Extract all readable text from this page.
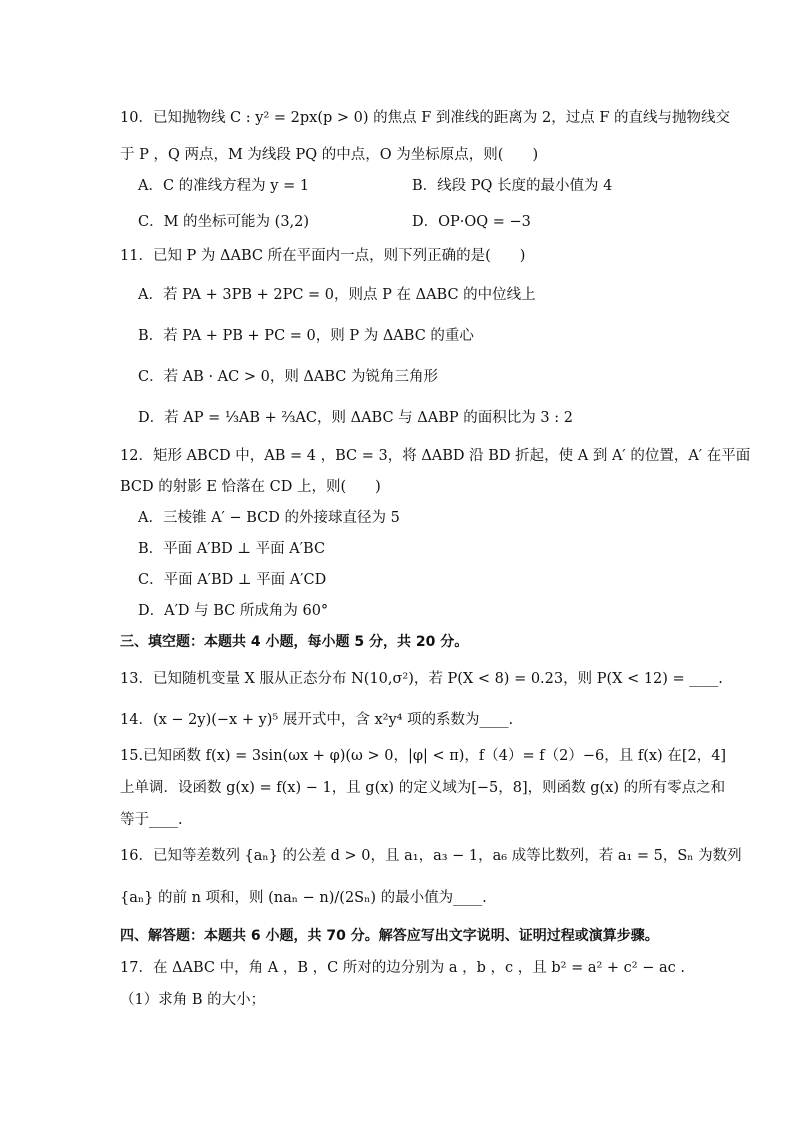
10．已知抛物线 C : y² = 2px(p > 0) 的焦点 F 到准线的距离为 2，过点 F 的直线与抛物线交
于 P ，Q 两点，M 为线段 PQ 的中点，O 为坐标原点，则(　　)
A．C 的准线方程为 y = 1	B．线段 PQ 长度的最小值为 4
C．M 的坐标可能为 (3,2)	D．OP·OQ = −3
11．已知 P 为 ΔABC 所在平面内一点，则下列正确的是(　　)
A．若 PA + 3PB + 2PC = 0，则点 P 在 ΔABC 的中位线上
B．若 PA + PB + PC = 0，则 P 为 ΔABC 的重心
C．若 AB · AC > 0，则 ΔABC 为锐角三角形
D．若 AP = ⅓AB + ⅔AC，则 ΔABC 与 ΔABP 的面积比为 3 : 2
12．矩形 ABCD 中，AB = 4 ，BC = 3，将 ΔABD 沿 BD 折起，使 A 到 A′ 的位置，A′ 在平面
BCD 的射影 E 恰落在 CD 上，则(　　)
A．三棱锥 A′ − BCD 的外接球直径为 5
B．平面 A′BD ⊥ 平面 A′BC
C．平面 A′BD ⊥ 平面 A′CD
D．A′D 与 BC 所成角为 60°
三、填空题：本题共 4 小题，每小题 5 分，共 20 分。
13．已知随机变量 X 服从正态分布 N(10,σ²)，若 P(X < 8) = 0.23，则 P(X < 12) = ____.
14．(x − 2y)(−x + y)⁵ 展开式中，含 x²y⁴ 项的系数为____.
15.已知函数 f(x) = 3sin(ωx + φ)(ω > 0，|φ| < π)，f（4）= f（2）−6，且 f(x) 在[2，4]
上单调．设函数 g(x) = f(x) − 1，且 g(x) 的定义域为[−5，8]，则函数 g(x) 的所有零点之和
等于____.
16．已知等差数列 {aₙ} 的公差 d > 0，且 a₁，a₃ − 1，a₆ 成等比数列，若 a₁ = 5，Sₙ 为数列
{aₙ} 的前 n 项和，则 (naₙ − n)/(2Sₙ) 的最小值为____.
四、解答题：本题共 6 小题，共 70 分。解答应写出文字说明、证明过程或演算步骤。
17．在 ΔABC 中，角 A ，B ，C 所对的边分别为 a ，b ，c ，且 b² = a² + c² − ac .
（1）求角 B 的大小；
